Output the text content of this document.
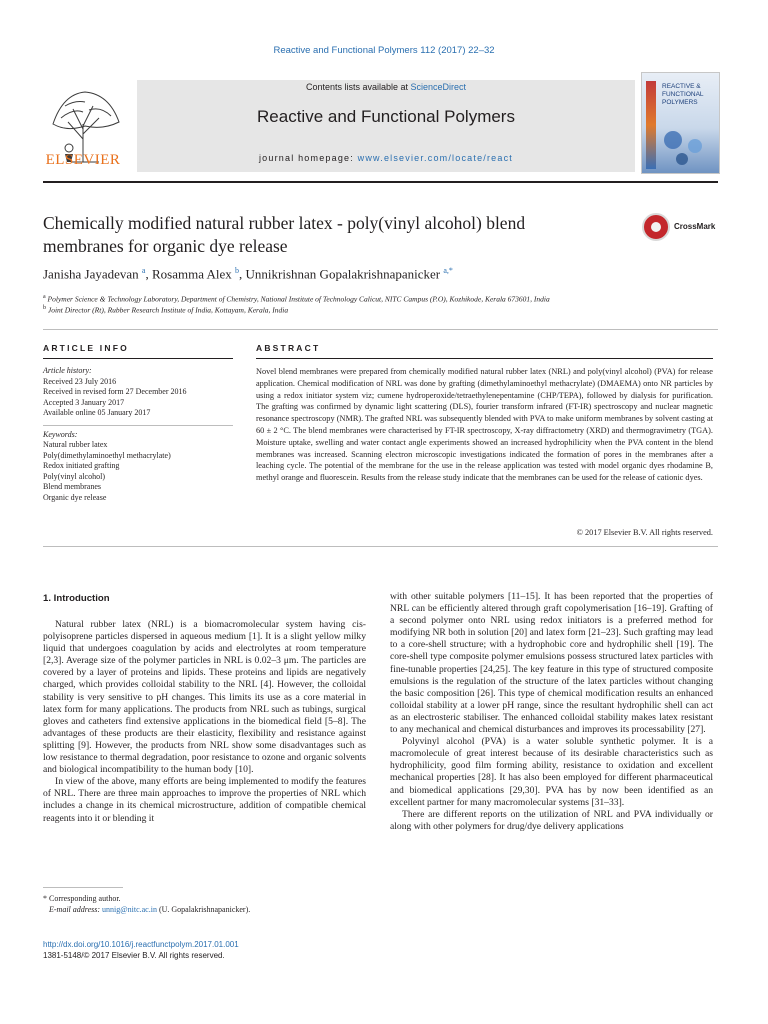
Reactive and Functional Polymers 112 (2017) 22–32
ELSEVIER
Contents lists available at ScienceDirect
Reactive and Functional Polymers
journal homepage: www.elsevier.com/locate/react
REACTIVE &
FUNCTIONAL
POLYMERS
Chemically modified natural rubber latex - poly(vinyl alcohol) blend membranes for organic dye release
CrossMark
Janisha Jayadevan $^a$, Rosamma Alex $^b$, Unnikrishnan Gopalakrishnapanicker $^{a,*}$
$^a$ Polymer Science & Technology Laboratory, Department of Chemistry, National Institute of Technology Calicut, NITC Campus (P.O), Kozhikode, Kerala 673601, India
$^b$ Joint Director (Rt), Rubber Research Institute of India, Kottayam, Kerala, India
ARTICLE INFO
Article history:
Received 23 July 2016
Received in revised form 27 December 2016
Accepted 3 January 2017
Available online 05 January 2017
Keywords:
Natural rubber latex
Poly(dimethylaminoethyl methacrylate)
Redox initiated grafting
Poly(vinyl alcohol)
Blend membranes
Organic dye release
ABSTRACT
Novel blend membranes were prepared from chemically modified natural rubber latex (NRL) and poly(vinyl alcohol) (PVA) for release application. Chemical modification of NRL was done by grafting (dimethylaminoethyl methacrylate) (DMAEMA) onto NR particles by using a redox initiator system viz; cumene hydroperoxide/tetraethylenepentamine (CHP/TEPA), followed by dialysis for purification. The grafting was confirmed by dynamic light scattering (DLS), fourier transform infrared (FT-IR) spectroscopy and nuclear magnetic resonance spectroscopy (NMR). The grafted NRL was subsequently blended with PVA to make uniform membranes by solvent casting at 60 ± 2 °C. The blend membranes were characterised by FT-IR spectroscopy, X-ray diffractometry (XRD) and thermogravimetry (TGA). Moisture uptake, swelling and water contact angle experiments showed an increased hydrophilicity when the PVA content in the blend membranes was increased. Scanning electron microscopic investigations indicated the formation of pores in the membranes after a leaching cycle. The potential of the membrane for the use in the release application was tested with model organic dyes rhodamine B, methyl orange and fluorescein. Results from the release study indicate that the membranes can be used for the release of cationic dyes.
© 2017 Elsevier B.V. All rights reserved.
1. Introduction

Natural rubber latex (NRL) is a biomacromolecular system having cis-polyisoprene particles dispersed in aqueous medium [1]. It is a slight yellow milky liquid that undergoes coagulation by acids and electrolytes at room temperature [2,3]. Average size of the polymer particles in NRL is 0.02–3 μm. The particles are covered by a layer of proteins and lipids. These proteins and lipids are negatively charged, which provides colloidal stability to the NRL [4]. However, the colloidal stability is very sensitive to pH changes. This limits its use as a core material in latex form for many applications. The products from NRL such as tubings, surgical gloves and catheters find extensive applications in the biomedical field [5–8]. The advantages of these products are their elasticity, flexibility and resistance against splitting [9]. However, the products from NRL show some disadvantages such as low resistance to thermal degradation, poor resistance to ozone and organic solvents and biological incompatibility to the human body [10].

In view of the above, many efforts are being implemented to modify the features of NRL. There are three main approaches to improve the properties of NRL which includes a change in its chemical microstructure, addition of compatible chemical reagents into it or blending it

with other suitable polymers [11–15]. It has been reported that the properties of NRL can be efficiently altered through graft copolymerisation [16–19]. Grafting of a second polymer onto NRL using redox initiators is a preferred method for modifying NR both in solution [20] and latex form [21–23]. Such grafting may lead to a core-shell structure; with a hydrophobic core and hydrophilic shell [19]. The core-shell type composite polymer emulsions possess structured latex particles with fine-tunable properties [24,25]. The key feature in this type of structured composite emulsions is the regulation of the structure of the latex particles without changing the basic composition [26]. This type of chemical modification results an enhanced colloidal stability at a lower pH range, since the resultant hydrophilic shell can act as an electrosteric stabiliser. The enhanced colloidal stability makes latex resistant to any mechanical and chemical disturbances and improves its processability [27].

Polyvinyl alcohol (PVA) is a water soluble synthetic polymer. It is a macromolecule of great interest because of its desirable characteristics such as hydrophilicity, good film forming ability, resistance to oxidation and excellent mechanical properties [28]. It has also been employed for different pharmaceutical and biomedical applications [29,30]. PVA has by now been identified as an excellent partner for many macromolecular systems [31–33].

There are different reports on the utilization of NRL and PVA individually or along with other polymers for drug/dye delivery applications

* Corresponding author.
E-mail address: unnig@nitc.ac.in (U. Gopalakrishnapanicker).
http://dx.doi.org/10.1016/j.reactfunctpolym.2017.01.001
1381-5148/© 2017 Elsevier B.V. All rights reserved.
